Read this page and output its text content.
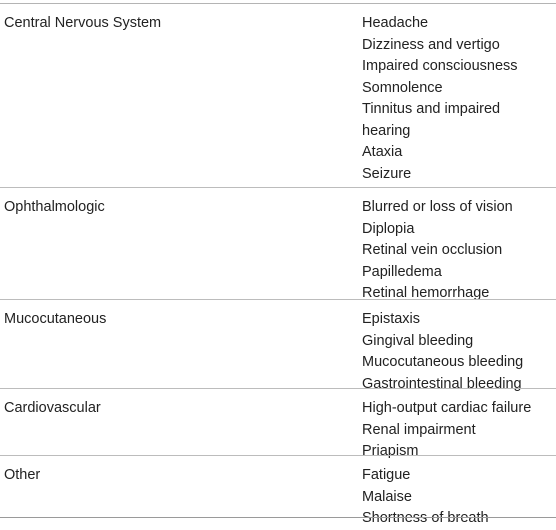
Central Nervous System	Headache
Dizziness and vertigo
Impaired consciousness
Somnolence
Tinnitus and impaired
hearing
Ataxia
Seizure
Ophthalmologic	Blurred or loss of vision
Diplopia
Retinal vein occlusion
Papilledema
Retinal hemorrhage
Mucocutaneous	Epistaxis
Gingival bleeding
Mucocutaneous bleeding
Gastrointestinal bleeding
Cardiovascular	High-output cardiac failure
Renal impairment
Priapism
Other	Fatigue
Malaise
Shortness of breath
